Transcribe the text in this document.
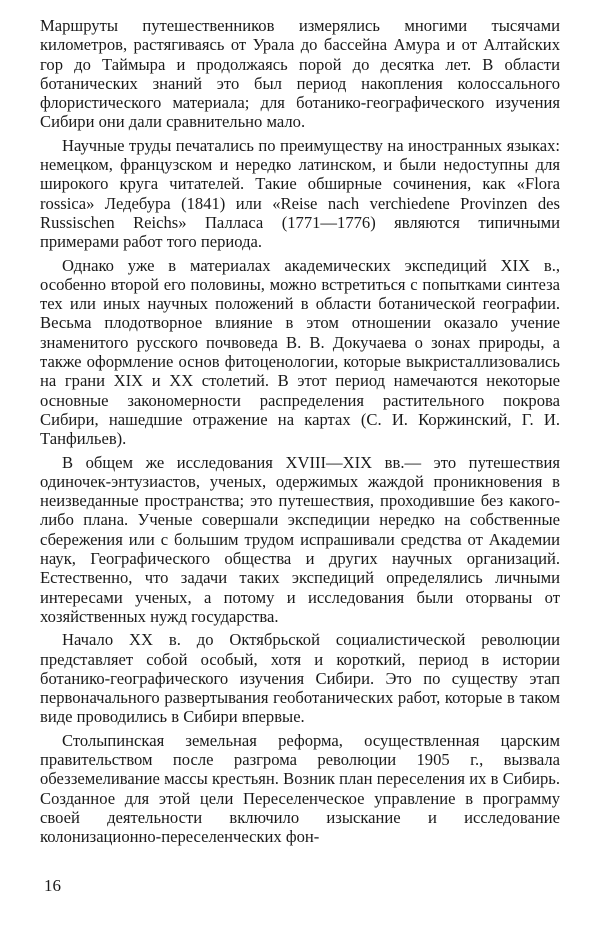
Маршруты путешественников измерялись многими тысячами километров, растягиваясь от Урала до бассейна Амура и от Алтайских гор до Таймыра и продолжаясь порой до десятка лет. В области ботанических знаний это был период накопления колоссального флористического материала; для ботанико-географического изучения Сибири они дали сравнительно мало.

Научные труды печатались по преимуществу на иностранных языках: немецком, французском и нередко латинском, и были недоступны для широкого круга читателей. Такие обширные сочинения, как «Flora rossica» Ледебура (1841) или «Reise nach verchiedene Provinzen des Russischen Reichs» Палласа (1771—1776) являются типичными примерами работ того периода.

Однако уже в материалах академических экспедиций XIX в., особенно второй его половины, можно встретиться с попытками синтеза тех или иных научных положений в области ботанической географии. Весьма плодотворное влияние в этом отношении оказало учение знаменитого русского почвоведа В. В. Докучаева о зонах природы, а также оформление основ фитоценологии, которые выкристаллизовались на грани XIX и XX столетий. В этот период намечаются некоторые основные закономерности распределения растительного покрова Сибири, нашедшие отражение на картах (С. И. Коржинский, Г. И. Танфильев).

В общем же исследования XVIII—XIX вв.— это путешествия одиночек-энтузиастов, ученых, одержимых жаждой проникновения в неизведанные пространства; это путешествия, проходившие без какого-либо плана. Ученые совершали экспедиции нередко на собственные сбережения или с большим трудом испрашивали средства от Академии наук, Географического общества и других научных организаций. Естественно, что задачи таких экспедиций определялись личными интересами ученых, а потому и исследования были оторваны от хозяйственных нужд государства.

Начало XX в. до Октябрьской социалистической революции представляет собой особый, хотя и короткий, период в истории ботанико-географического изучения Сибири. Это по существу этап первоначального развертывания геоботанических работ, которые в таком виде проводились в Сибири впервые.

Столыпинская земельная реформа, осуществленная царским правительством после разгрома революции 1905 г., вызвала обезземеливание массы крестьян. Возник план переселения их в Сибирь. Созданное для этой цели Переселенческое управление в программу своей деятельности включило изыскание и исследование колонизационно-переселенческих фон-

16
